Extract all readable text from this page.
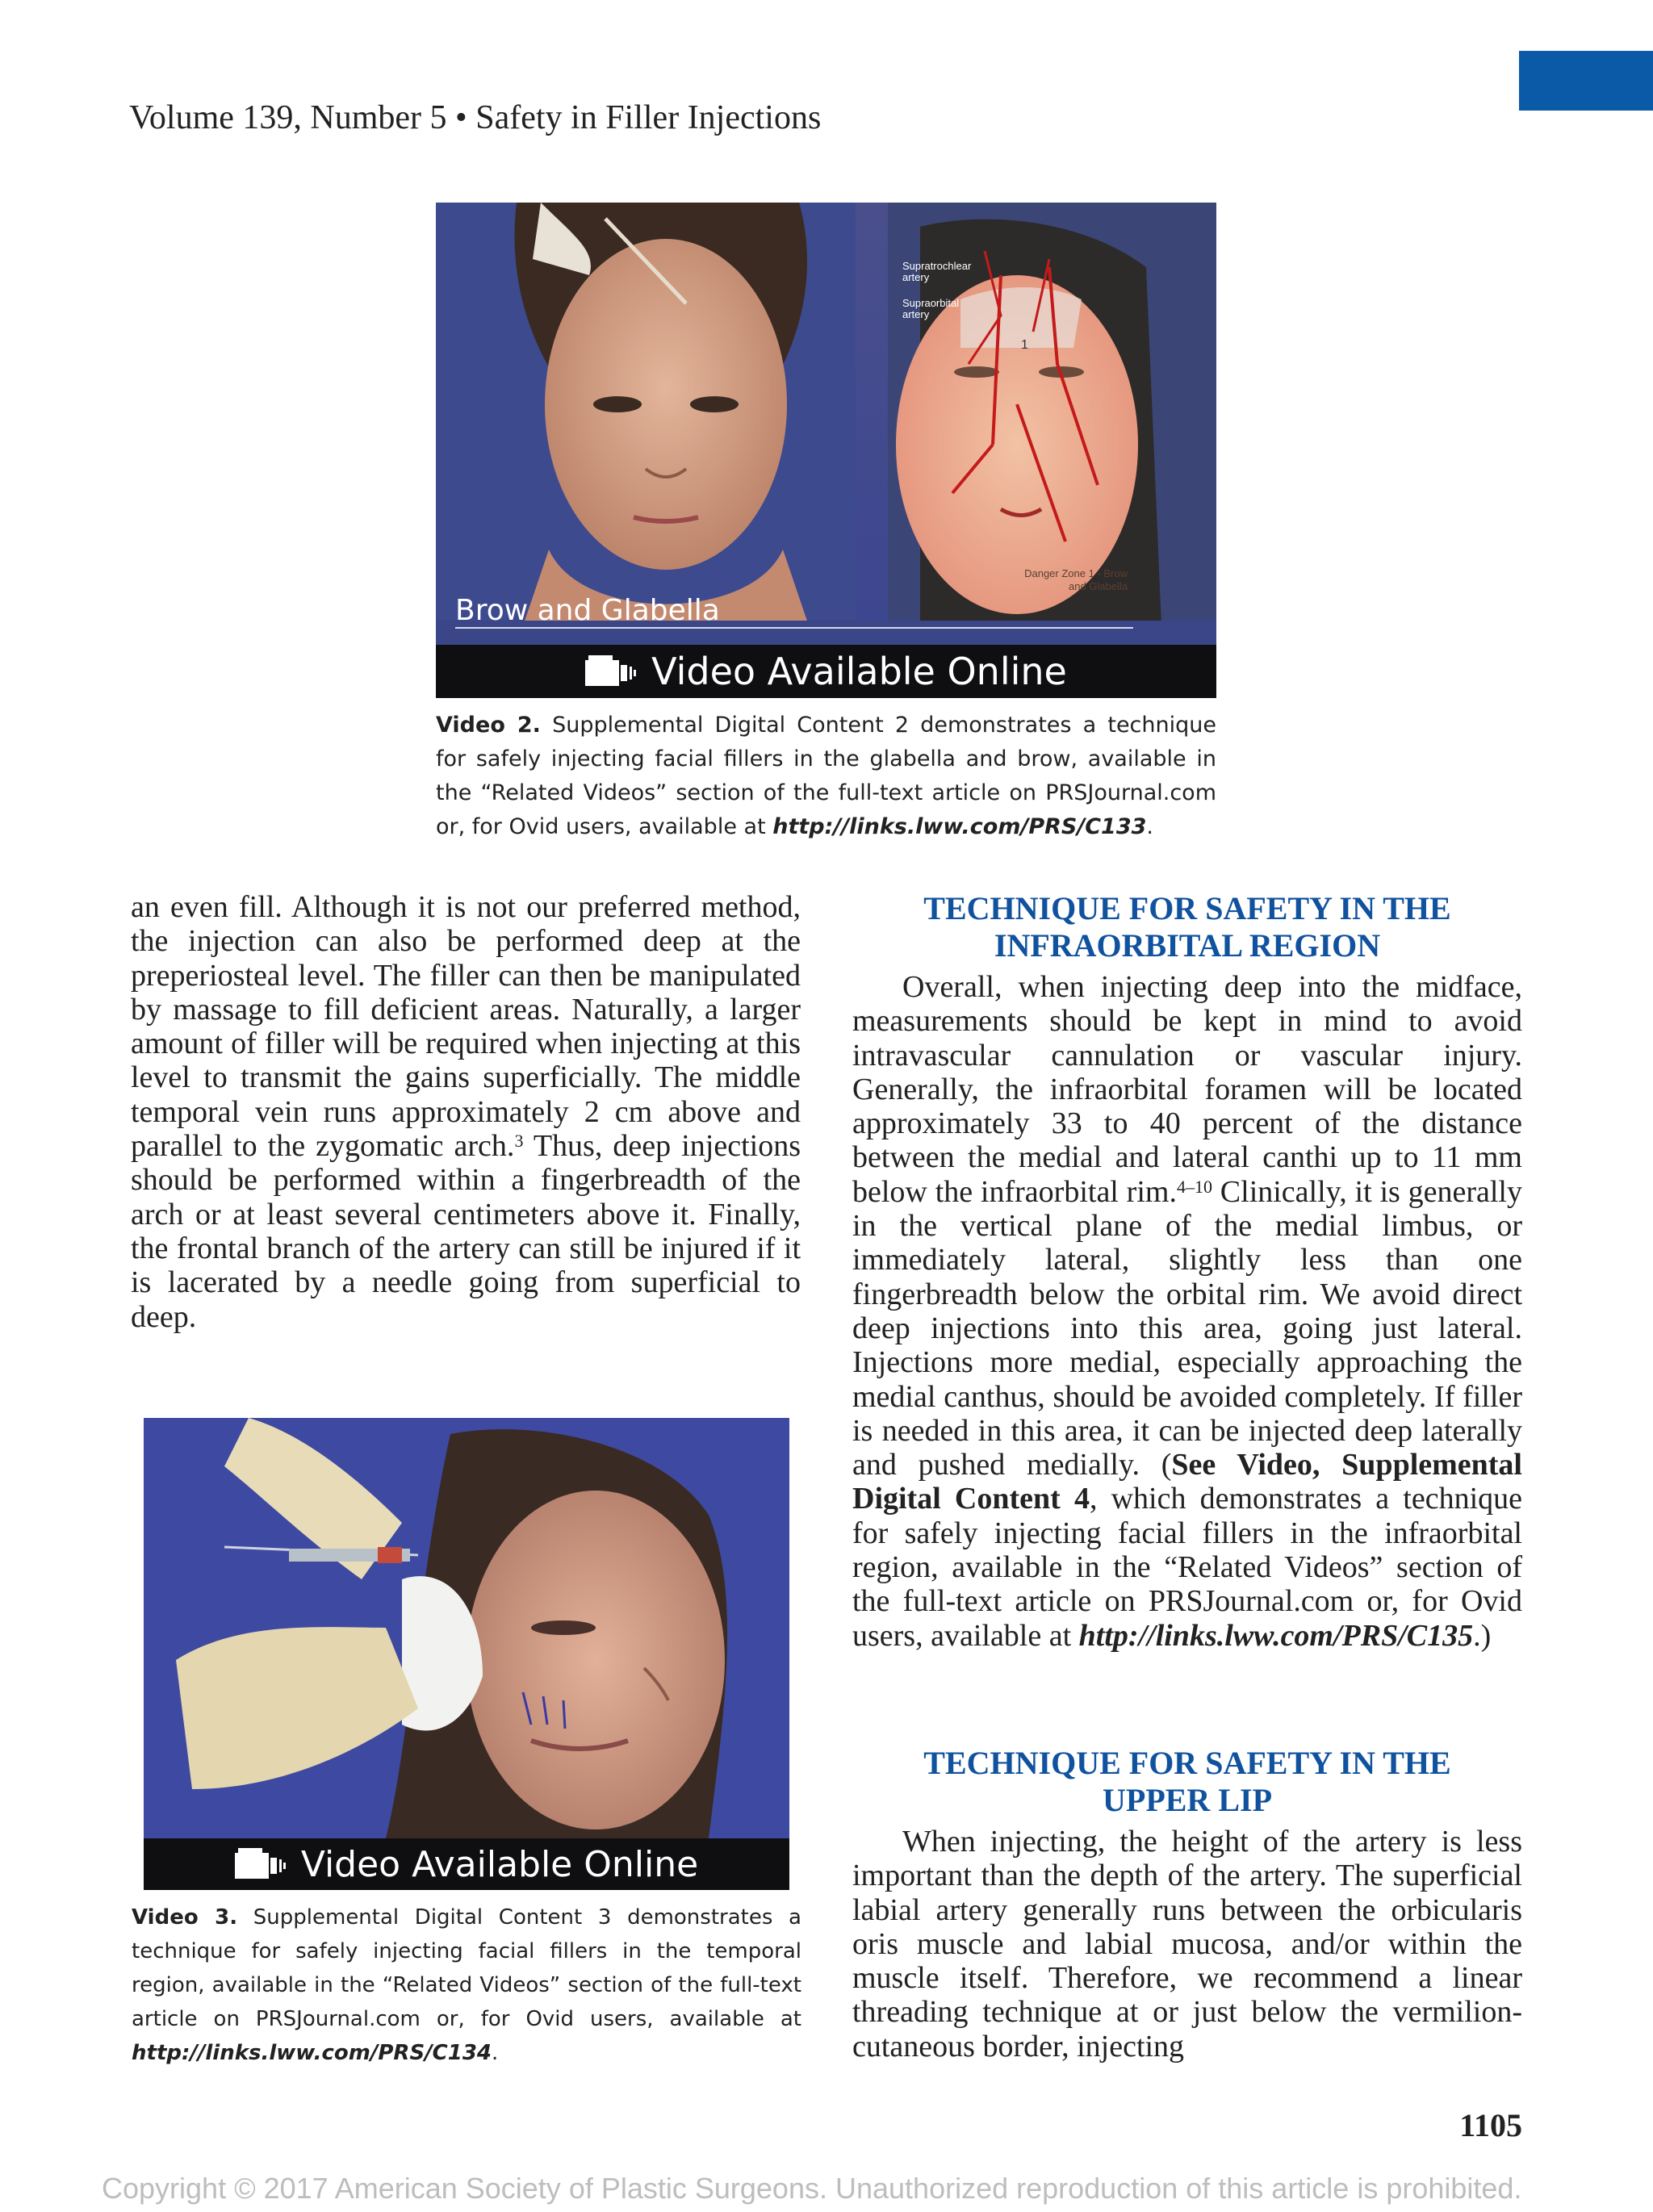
Volume 139, Number 5 • Safety in Filler Injections
Supratrochlear artery
Supraorbital artery
1
Danger Zone 1 - Brow and Glabella
Brow and Glabella
Video Available Online
Video 2. Supplemental Digital Content 2 demonstrates a technique for safely injecting facial fillers in the glabella and brow, available in the “Related Videos” section of the full-text article on PRSJournal.com or, for Ovid users, available at http://links.lww.com/PRS/C133.

an even fill. Although it is not our preferred method, the injection can also be performed deep at the preperiosteal level. The filler can then be manipulated by massage to fill deficient areas. Naturally, a larger amount of filler will be required when injecting at this level to transmit the gains superficially. The middle temporal vein runs approximately 2 cm above and parallel to the zygomatic arch.$^3$ Thus, deep injections should be performed within a fingerbreadth of the arch or at least several centimeters above it. Finally, the frontal branch of the artery can still be injured if it is lacerated by a needle going from superficial to deep.

Video Available Online
Video 3. Supplemental Digital Content 3 demonstrates a technique for safely injecting facial fillers in the temporal region, available in the “Related Videos” section of the full-text article on PRSJournal.com or, for Ovid users, available at http://links.lww.com/PRS/C134.
TECHNIQUE FOR SAFETY IN THE
INFRAORBITAL REGION

Overall, when injecting deep into the midface, measurements should be kept in mind to avoid intravascular cannulation or vascular injury. Generally, the infraorbital foramen will be located approximately 33 to 40 percent of the distance between the medial and lateral canthi up to 11 mm below the infraorbital rim.$^{4-10}$ Clinically, it is generally in the vertical plane of the medial limbus, or immediately lateral, slightly less than one fingerbreadth below the orbital rim. We avoid direct deep injections into this area, going just lateral. Injections more medial, especially approaching the medial canthus, should be avoided completely. If filler is needed in this area, it can be injected deep laterally and pushed medially. (See Video, Supplemental Digital Content 4, which demonstrates a technique for safely injecting facial fillers in the infraorbital region, available in the “Related Videos” section of the full-text article on PRSJournal.com or, for Ovid users, available at http://links.lww.com/PRS/C135.)

TECHNIQUE FOR SAFETY IN THE
UPPER LIP

When injecting, the height of the artery is less important than the depth of the artery. The superficial labial artery generally runs between the orbicularis oris muscle and labial mucosa, and/or within the muscle itself. Therefore, we recommend a linear threading technique at or just below the vermilion-cutaneous border, injecting

1105
Copyright © 2017 American Society of Plastic Surgeons. Unauthorized reproduction of this article is prohibited.
